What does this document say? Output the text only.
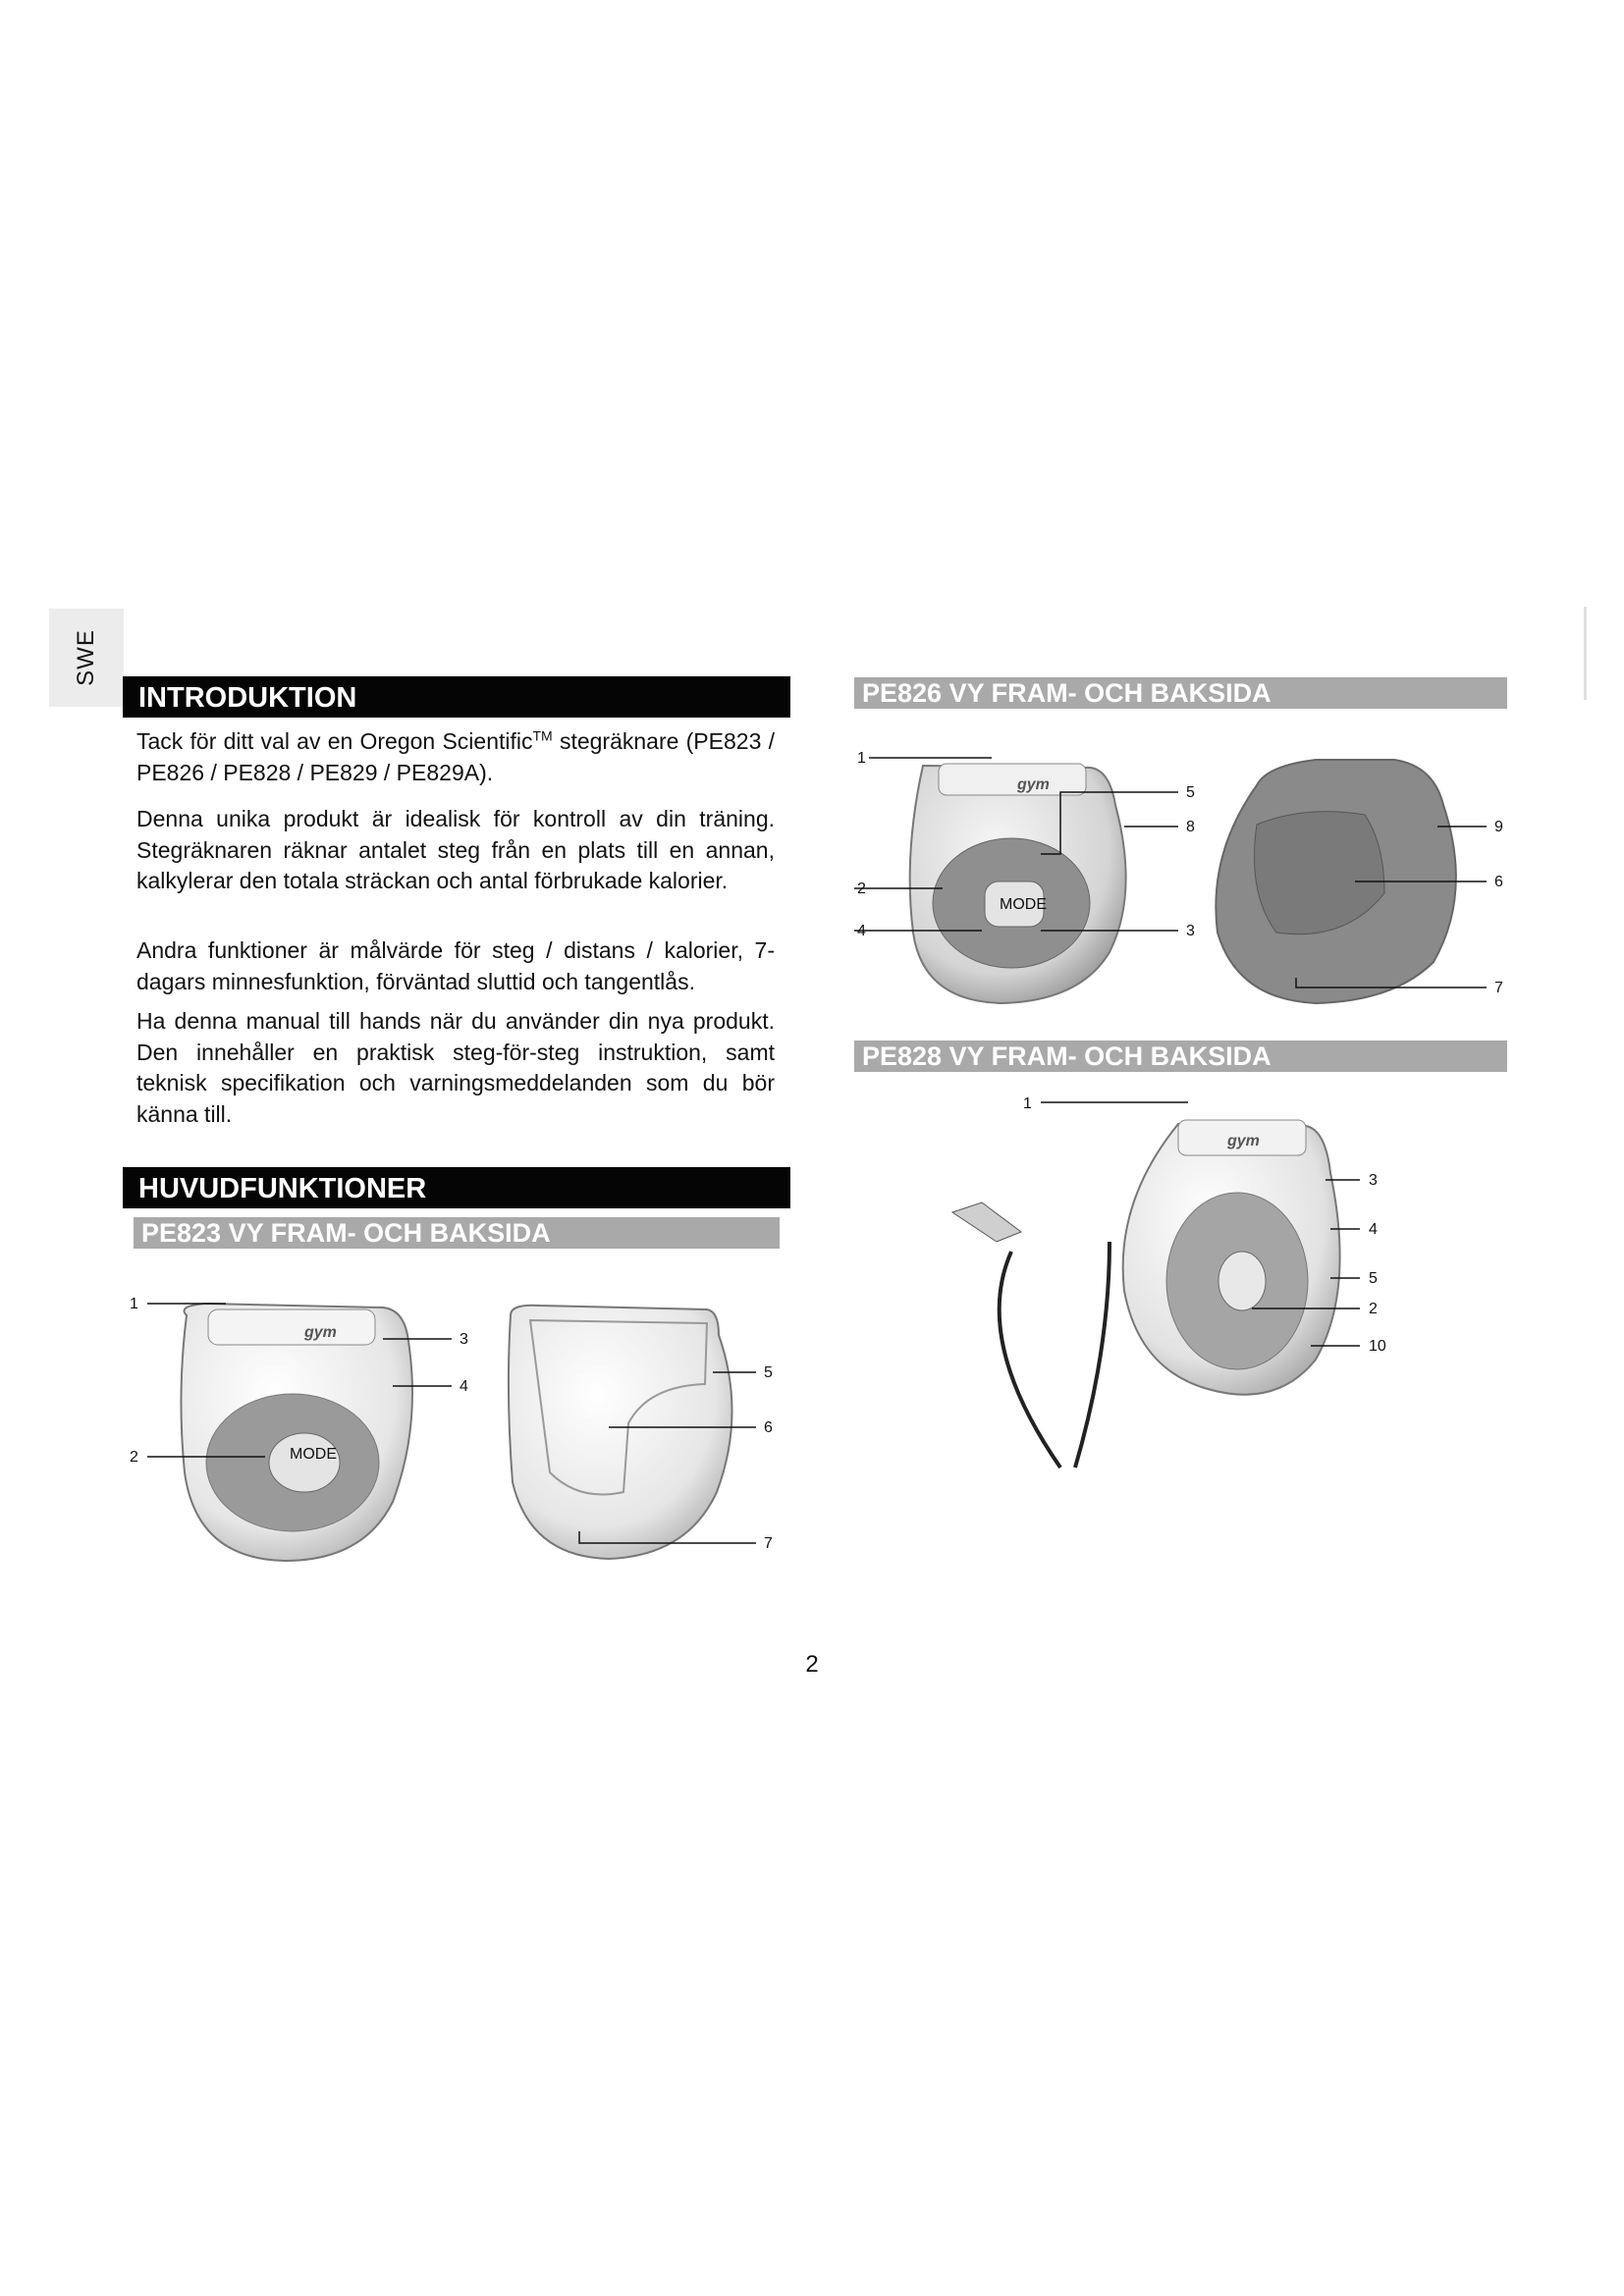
SWE
INTRODUKTION

Tack för ditt val av en Oregon Scientific™ stegräknare (PE823 / PE826 / PE828 / PE829 / PE829A).

Denna unika produkt är idealisk för kontroll av din träning. Stegräknaren räknar antalet steg från en plats till en annan, kalkylerar den totala sträckan och antal förbrukade kalorier.

Andra funktioner är målvärde för steg / distans / kalorier, 7-dagars minnesfunktion, förväntad sluttid och tangentlås.

Ha denna manual till hands när du använder din nya produkt. Den innehåller en praktisk steg-för-steg instruktion, samt teknisk specifikation och varningsmeddelanden som du bör känna till.

HUVUDFUNKTIONER
PE823 VY FRAM- OCH BAKSIDA
gym
MODE
1
2
3
4
5
6
7
PE826 VY FRAM- OCH BAKSIDA
gym
MODE
1
2
3
4
5
6
7
8	9
PE828 VY FRAM- OCH BAKSIDA
gym
1
3
4
5
2
10
2
